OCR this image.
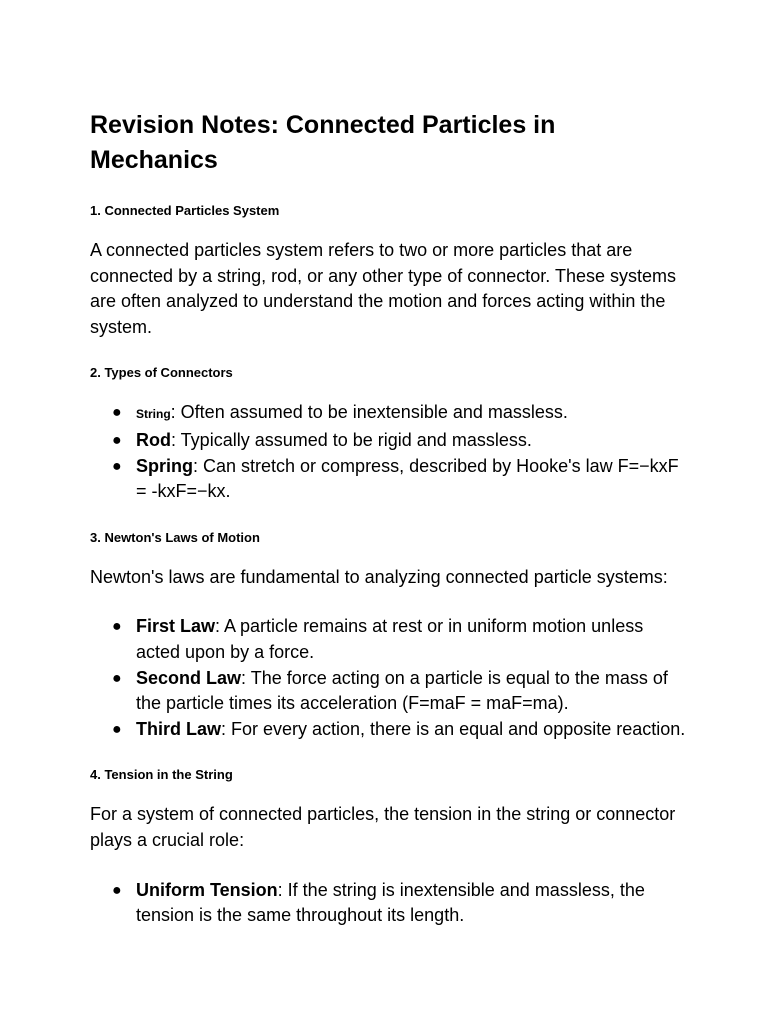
Revision Notes: Connected Particles in Mechanics
1. Connected Particles System

A connected particles system refers to two or more particles that are connected by a string, rod, or any other type of connector. These systems are often analyzed to understand the motion and forces acting within the system.

2. Types of Connectors
● String: Often assumed to be inextensible and massless.
● Rod: Typically assumed to be rigid and massless.
● Spring: Can stretch or compress, described by Hooke's law F=−kxF = -kxF=−kx.
3. Newton's Laws of Motion

Newton's laws are fundamental to analyzing connected particle systems:

● First Law: A particle remains at rest or in uniform motion unless acted upon by a force.
● Second Law: The force acting on a particle is equal to the mass of the particle times its acceleration (F=maF = maF=ma).
● Third Law: For every action, there is an equal and opposite reaction.
4. Tension in the String

For a system of connected particles, the tension in the string or connector plays a crucial role:

● Uniform Tension: If the string is inextensible and massless, the tension is the same throughout its length.
